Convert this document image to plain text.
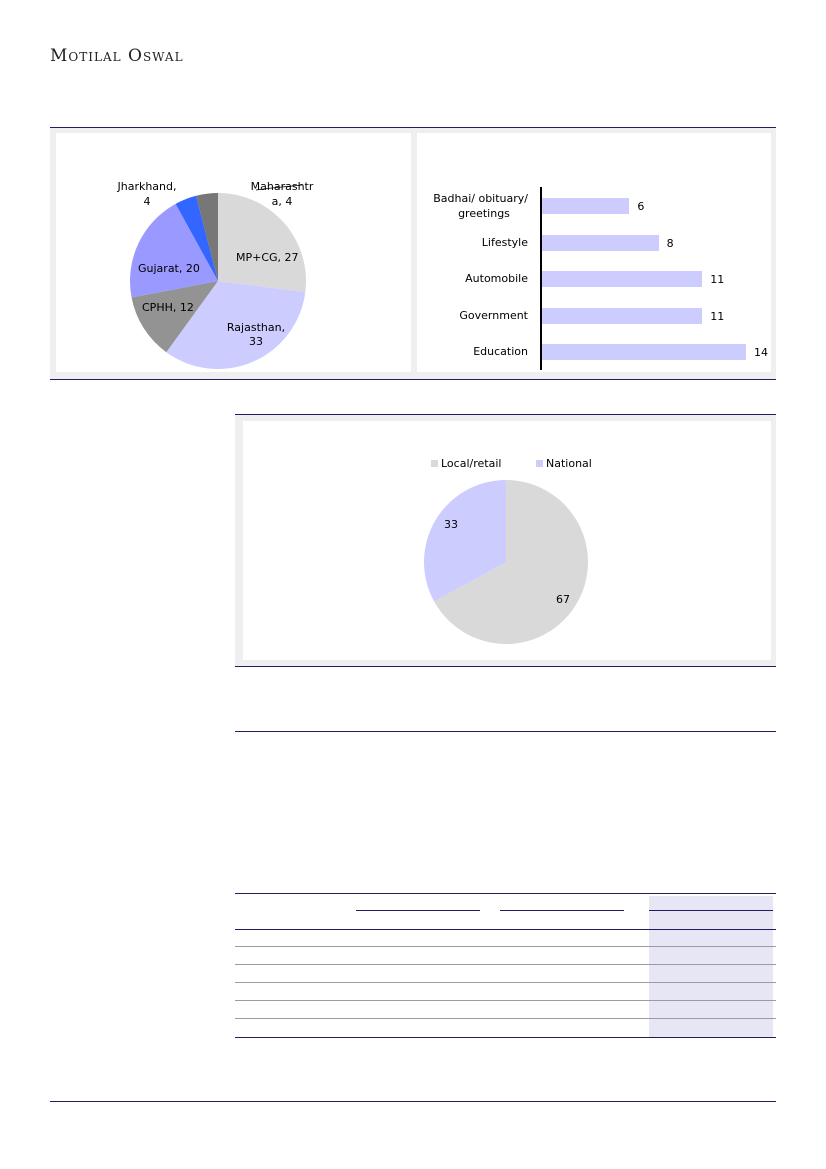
MOTILAL OSWAL
MP+CG, 27
Rajasthan,
33
CPHH, 12
Gujarat, 20
Jharkhand,
4
Maharashtr
a, 4	Badhai/ obituary/
greetings
Lifestyle
Automobile
Government
Education
6
8
11
11
14
Local/retail	National
67
33
